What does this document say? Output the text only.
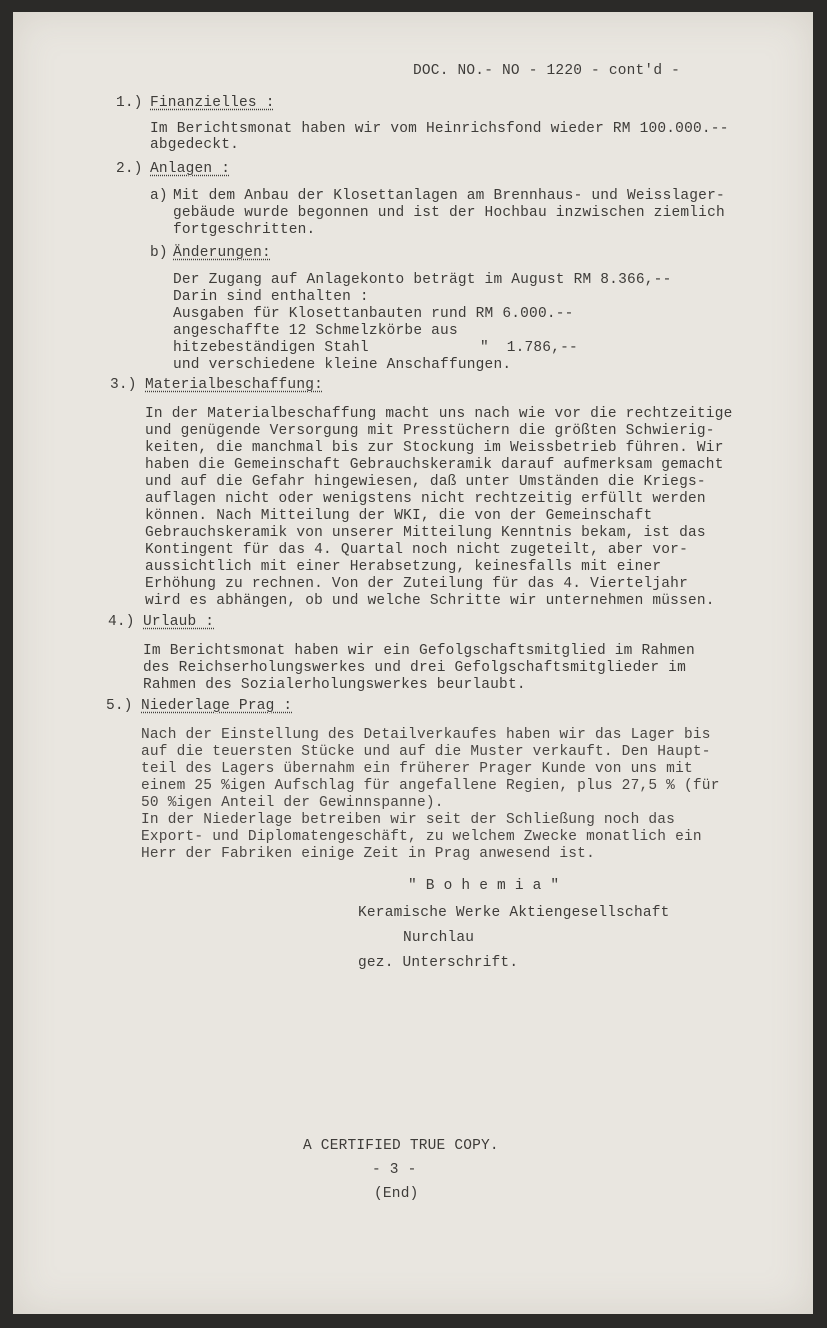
DOC. NO.- NO - 1220 - cont'd -
1.) Finanzielles :
Im Berichtsmonat haben wir vom Heinrichsfond wieder RM 100.000.--
abgedeckt.
2.) Anlagen :
a) Mit dem Anbau der Klosettanlagen am Brennhaus- und Weisslager-
gebäude wurde begonnen und ist der Hochbau inzwischen ziemlich
fortgeschritten.
b) Änderungen:
Der Zugang auf Anlagekonto beträgt im August RM 8.366,--
Darin sind enthalten :
Ausgaben für Klosettanbauten rund RM 6.000.--
angeschaffte 12 Schmelzkörbe aus
hitzebeständigen Stahl	"  1.786,--
und verschiedene kleine Anschaffungen.
3.) Materialbeschaffung:
In der Materialbeschaffung macht uns nach wie vor die rechtzeitige
und genügende Versorgung mit Presstüchern die größten Schwierig-
keiten, die manchmal bis zur Stockung im Weissbetrieb führen. Wir
haben die Gemeinschaft Gebrauchskeramik darauf aufmerksam gemacht
und auf die Gefahr hingewiesen, daß unter Umständen die Kriegs-
auflagen nicht oder wenigstens nicht rechtzeitig erfüllt werden
können. Nach Mitteilung der WKI, die von der Gemeinschaft
Gebrauchskeramik von unserer Mitteilung Kenntnis bekam, ist das
Kontingent für das 4. Quartal noch nicht zugeteilt, aber vor-
aussichtlich mit einer Herabsetzung, keinesfalls mit einer
Erhöhung zu rechnen. Von der Zuteilung für das 4. Vierteljahr
wird es abhängen, ob und welche Schritte wir unternehmen müssen.
4.) Urlaub :
Im Berichtsmonat haben wir ein Gefolgschaftsmitglied im Rahmen
des Reichserholungswerkes und drei Gefolgschaftsmitglieder im
Rahmen des Sozialerholungswerkes beurlaubt.
5.) Niederlage Prag :
Nach der Einstellung des Detailverkaufes haben wir das Lager bis
auf die teuersten Stücke und auf die Muster verkauft. Den Haupt-
teil des Lagers übernahm ein früherer Prager Kunde von uns mit
einem 25 %igen Aufschlag für angefallene Regien, plus 27,5 % (für
50 %igen Anteil der Gewinnspanne).
In der Niederlage betreiben wir seit der Schließung noch das
Export- und Diplomatengeschäft, zu welchem Zwecke monatlich ein
Herr der Fabriken einige Zeit in Prag anwesend ist.
" B o h e m i a "
Keramische Werke Aktiengesellschaft
Nurchlau
gez. Unterschrift.
A CERTIFIED TRUE COPY.
- 3 -
(End)
